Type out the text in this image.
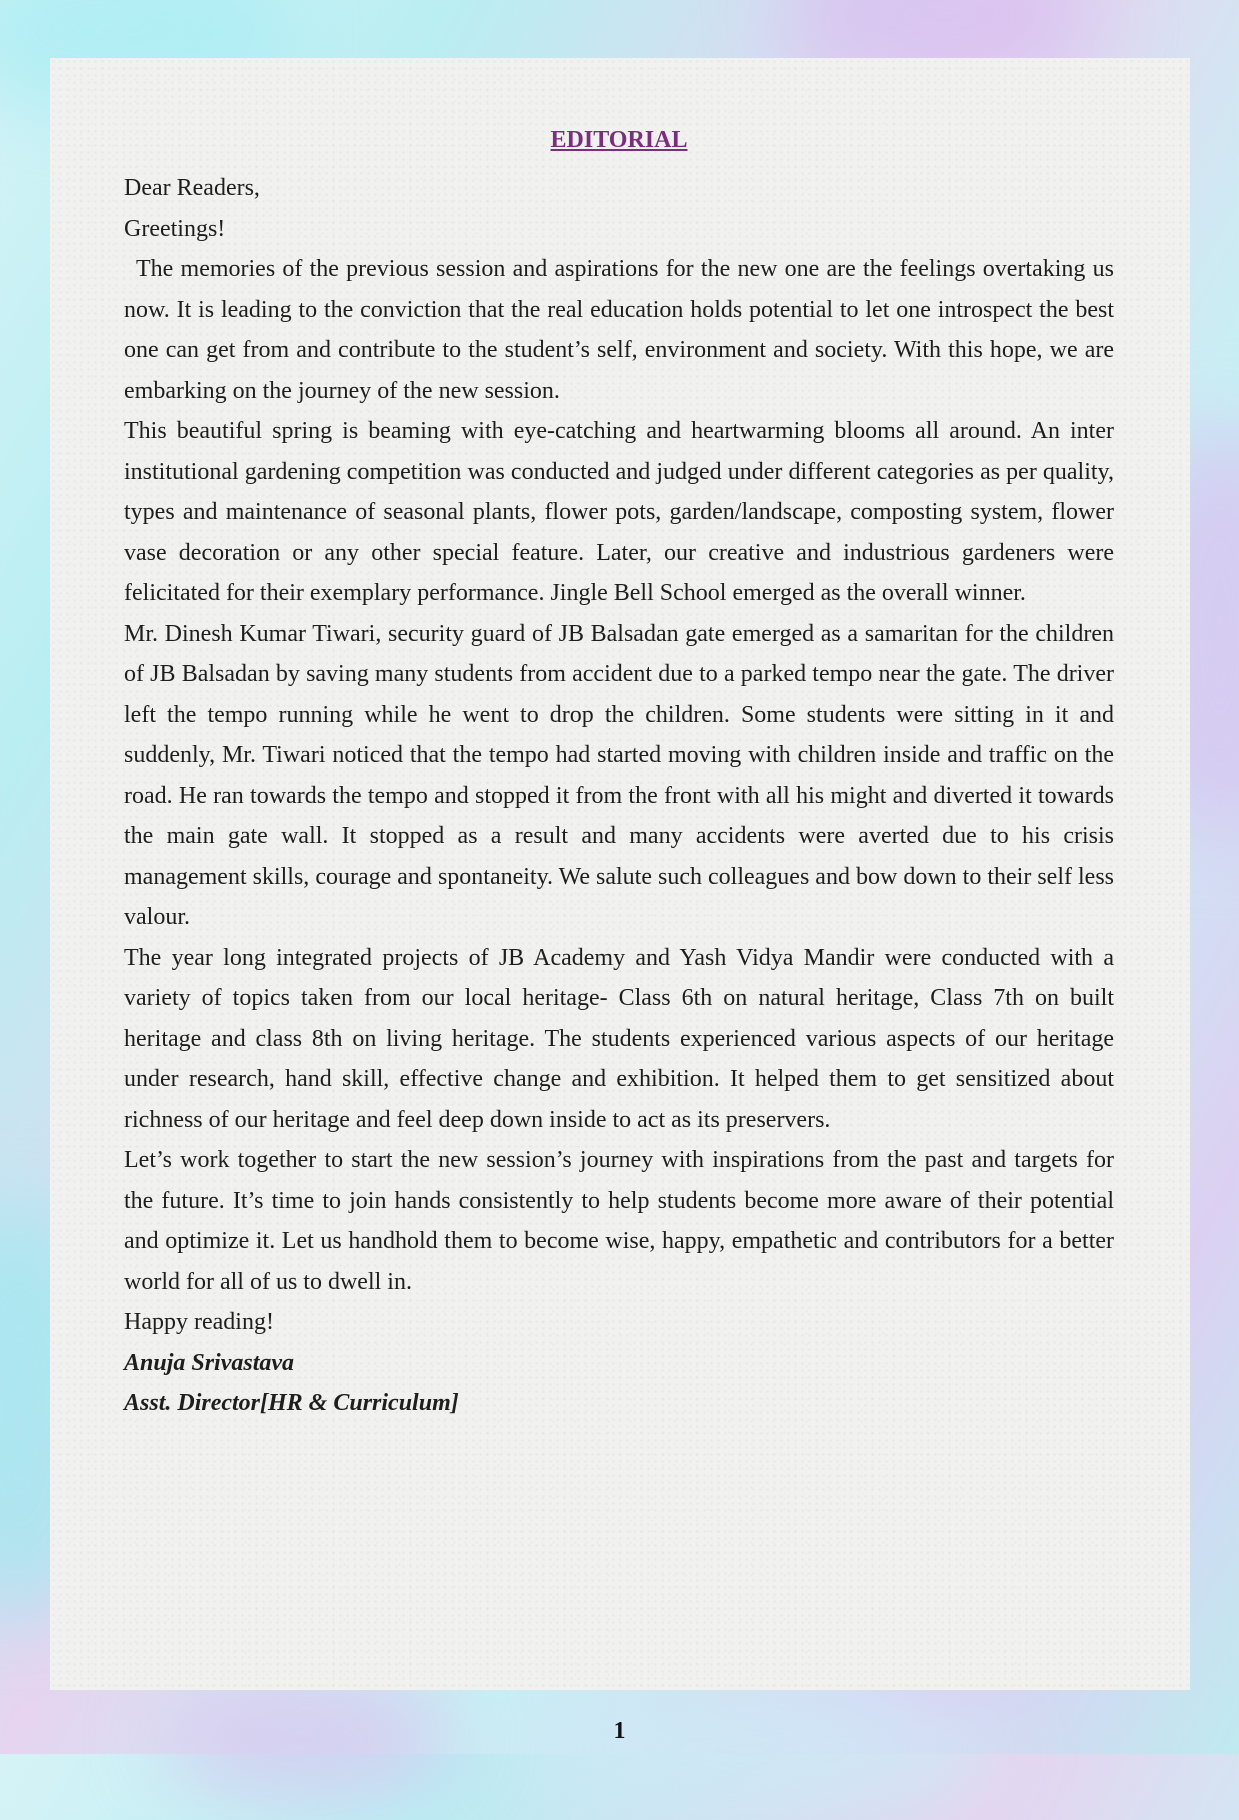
EDITORIAL

Dear Readers,

Greetings!

The memories of the previous session and aspirations for the new one are the feelings overtaking us now. It is leading to the conviction that the real education holds potential to let one introspect the best one can get from and contribute to the student’s self, environment and society. With this hope, we are embarking on the journey of the new session.

This beautiful spring is beaming with eye-catching and heartwarming blooms all around. An inter institutional gardening competition was conducted and judged under different categories as per quality, types and maintenance of seasonal plants, flower pots, garden/landscape, composting system, flower vase decoration or any other special feature. Later, our creative and industrious gardeners were felicitated for their exemplary performance. Jingle Bell School emerged as the overall winner.

Mr. Dinesh Kumar Tiwari, security guard of JB Balsadan gate emerged as a samaritan for the children of JB Balsadan by saving many students from accident due to a parked tempo near the gate. The driver left the tempo running while he went to drop the children. Some students were sitting in it and suddenly, Mr. Tiwari noticed that the tempo had started moving with children inside and traffic on the road. He ran towards the tempo and stopped it from the front with all his might and diverted it towards the main gate wall. It stopped as a result and many accidents were averted due to his crisis management skills, courage and spontaneity. We salute such colleagues and bow down to their self less valour.

The year long integrated projects of JB Academy and Yash Vidya Mandir were conducted with a variety of topics taken from our local heritage- Class 6th on natural heritage, Class 7th on built heritage and class 8th on living heritage. The students experienced various aspects of our heritage under research, hand skill, effective change and exhibition. It helped them to get sensitized about richness of our heritage and feel deep down inside to act as its preservers.

Let’s work together to start the new session’s journey with inspirations from the past and targets for the future. It’s time to join hands consistently to help students become more aware of their potential and optimize it. Let us handhold them to become wise, happy, empathetic and contributors for a better world for all of us to dwell in.

Happy reading!

Anuja Srivastava

Asst. Director[HR & Curriculum]

1
